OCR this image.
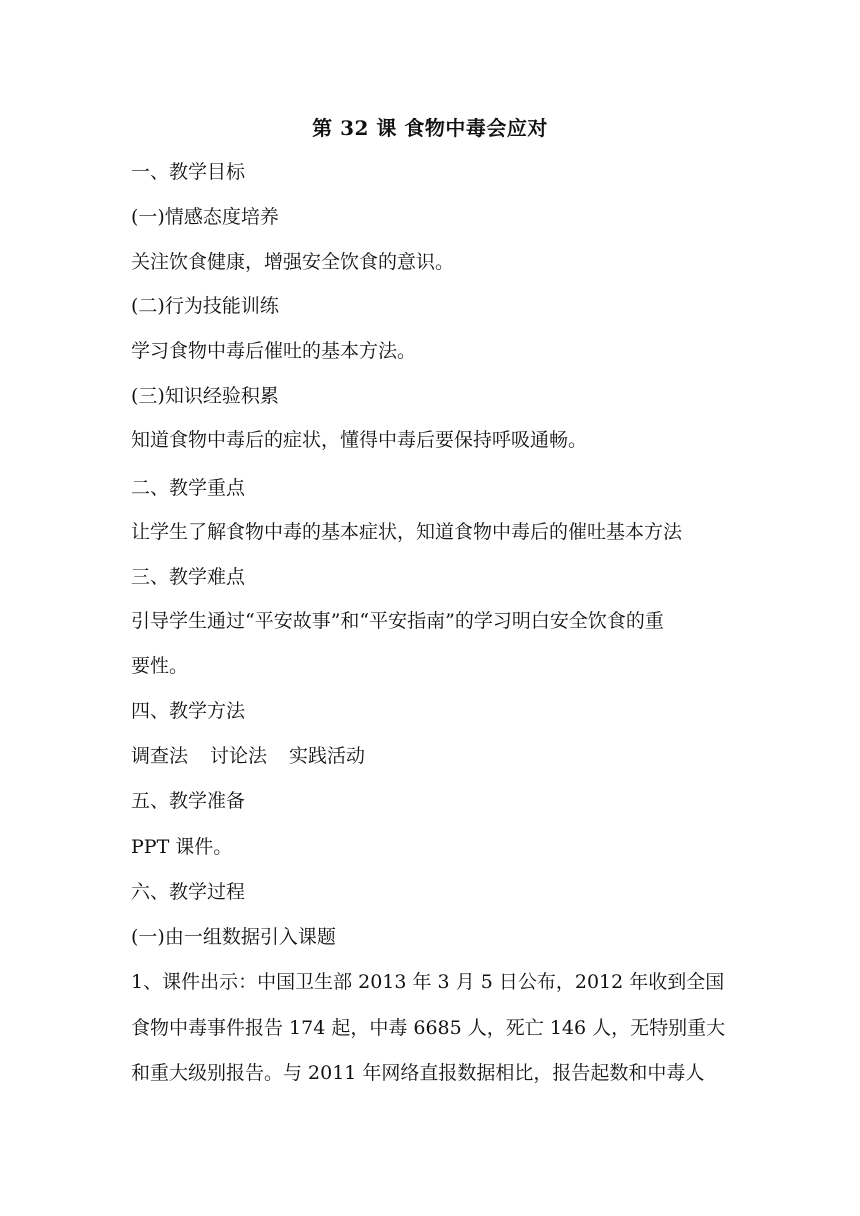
第 32 课 食物中毒会应对
一、教学目标
(一)情感态度培养
关注饮食健康，增强安全饮食的意识。
(二)行为技能训练
学习食物中毒后催吐的基本方法。
(三)知识经验积累
知道食物中毒后的症状，懂得中毒后要保持呼吸通畅。
二、教学重点
让学生了解食物中毒的基本症状，知道食物中毒后的催吐基本方法
三、教学难点
引导学生通过“平安故事”和“平安指南”的学习明白安全饮食的重
要性。
四、教学方法
调查法 讨论法 实践活动
五、教学准备
PPT 课件。
六、教学过程
(一)由一组数据引入课题
1、课件出示：中国卫生部 2013 年 3 月 5 日公布，2012 年收到全国
食物中毒事件报告 174 起，中毒 6685 人，死亡 146 人，无特别重大
和重大级别报告。与 2011 年网络直报数据相比，报告起数和中毒人
